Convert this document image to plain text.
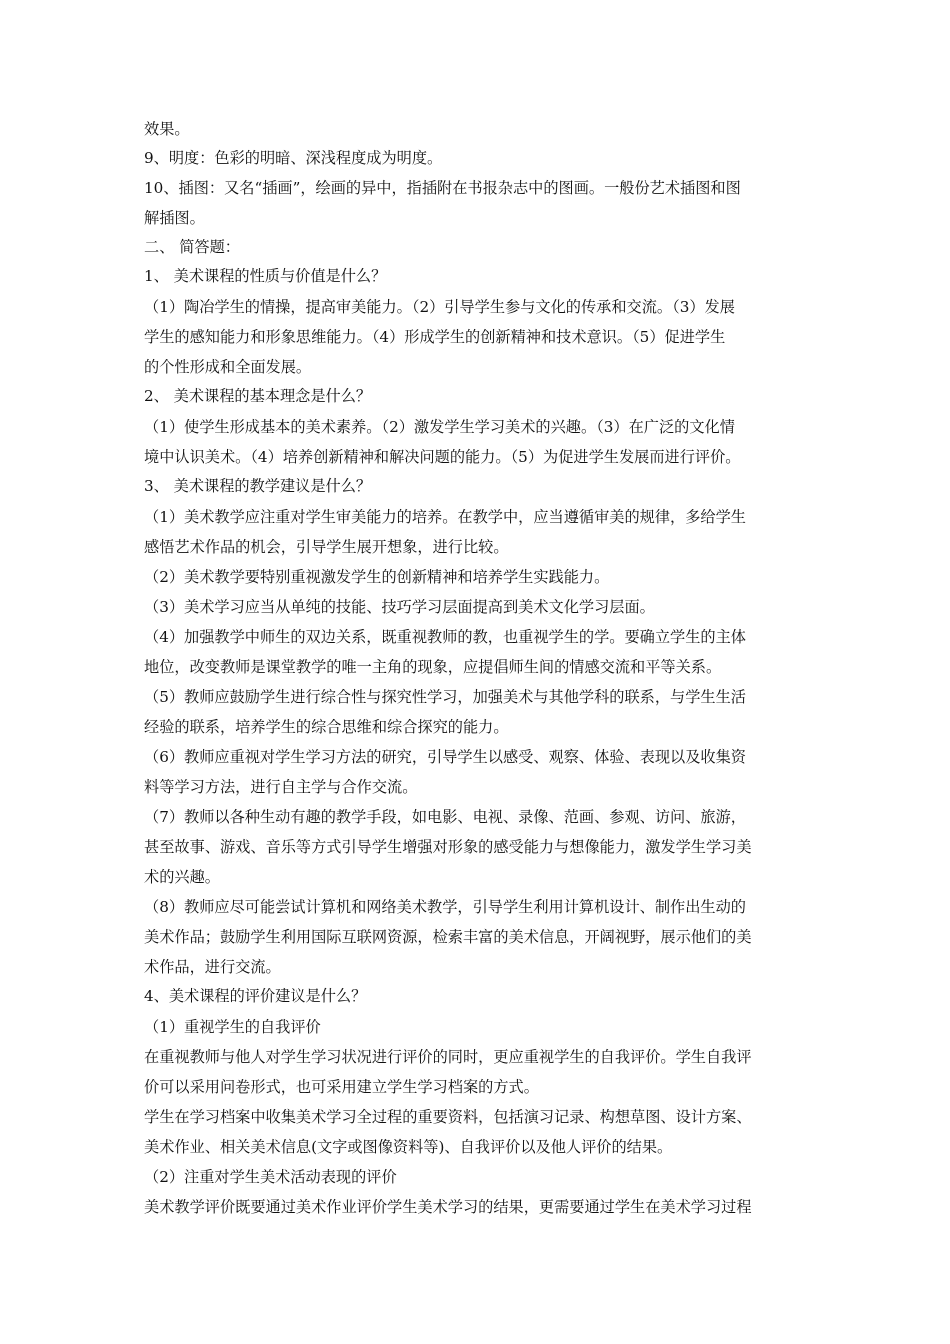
效果。
9、明度：色彩的明暗、深浅程度成为明度。
10、插图：又名“插画”，绘画的异中，指插附在书报杂志中的图画。一般份艺术插图和图
解插图。
二、 简答题：
1、 美术课程的性质与价值是什么？
（1）陶冶学生的情操，提高审美能力。（2）引导学生参与文化的传承和交流。（3）发展
学生的感知能力和形象思维能力。（4）形成学生的创新精神和技术意识。（5）促进学生
的个性形成和全面发展。
2、 美术课程的基本理念是什么？
（1）使学生形成基本的美术素养。（2）激发学生学习美术的兴趣。（3）在广泛的文化情
境中认识美术。（4）培养创新精神和解决问题的能力。（5）为促进学生发展而进行评价。
3、 美术课程的教学建议是什么？
（1）美术教学应注重对学生审美能力的培养。在教学中，应当遵循审美的规律，多给学生
感悟艺术作品的机会，引导学生展开想象，进行比较。
（2）美术教学要特别重视激发学生的创新精神和培养学生实践能力。
（3）美术学习应当从单纯的技能、技巧学习层面提高到美术文化学习层面。
（4）加强教学中师生的双边关系，既重视教师的教，也重视学生的学。要确立学生的主体
地位，改变教师是课堂教学的唯一主角的现象，应提倡师生间的情感交流和平等关系。
（5）教师应鼓励学生进行综合性与探究性学习，加强美术与其他学科的联系，与学生生活
经验的联系，培养学生的综合思维和综合探究的能力。
（6）教师应重视对学生学习方法的研究，引导学生以感受、观察、体验、表现以及收集资
料等学习方法，进行自主学与合作交流。
（7）教师以各种生动有趣的教学手段，如电影、电视、录像、范画、参观、访问、旅游，
甚至故事、游戏、音乐等方式引导学生增强对形象的感受能力与想像能力，激发学生学习美
术的兴趣。
（8）教师应尽可能尝试计算机和网络美术教学，引导学生利用计算机设计、制作出生动的
美术作品；鼓励学生利用国际互联网资源，检索丰富的美术信息，开阔视野，展示他们的美
术作品，进行交流。
4、美术课程的评价建议是什么？
（1）重视学生的自我评价
在重视教师与他人对学生学习状况进行评价的同时，更应重视学生的自我评价。学生自我评
价可以采用问卷形式，也可采用建立学生学习档案的方式。
学生在学习档案中收集美术学习全过程的重要资料，包括演习记录、构想草图、设计方案、
美术作业、相关美术信息(文字或图像资料等)、自我评价以及他人评价的结果。
（2）注重对学生美术活动表现的评价
美术教学评价既要通过美术作业评价学生美术学习的结果，更需要通过学生在美术学习过程
